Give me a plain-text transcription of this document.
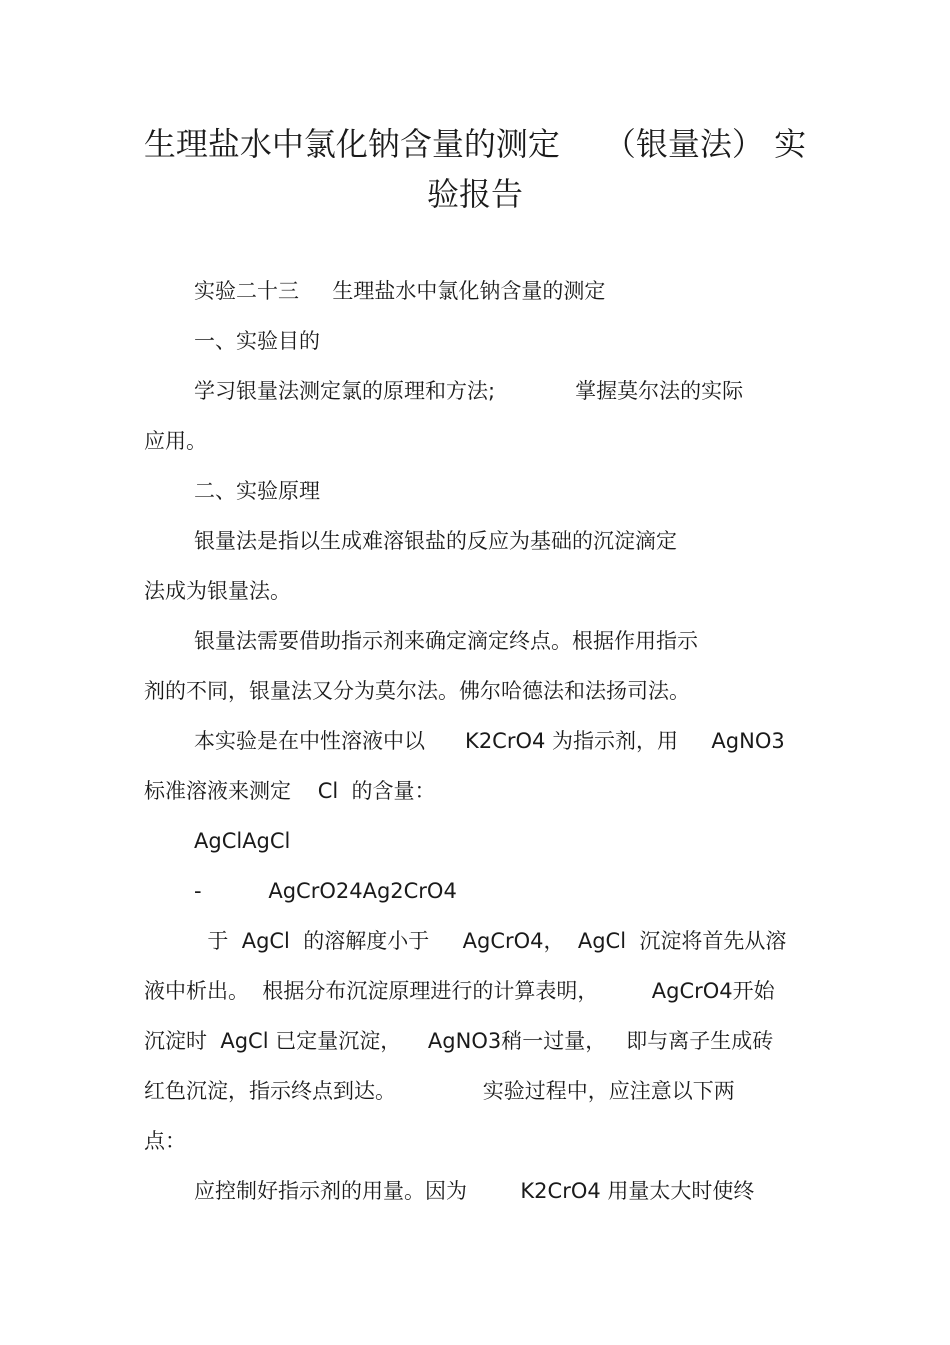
生理盐水中氯化钠含量的测定 （银量法） 实
验报告
实验二十三     生理盐水中氯化钠含量的测定
一、实验目的
学习银量法测定氯的原理和方法;            掌握莫尔法的实际
应用。
二、实验原理
银量法是指以生成难溶银盐的反应为基础的沉淀滴定
法成为银量法。
银量法需要借助指示剂来确定滴定终点。根据作用指示
剂的不同，银量法又分为莫尔法。佛尔哈德法和法扬司法。
本实验是在中性溶液中以      K2CrO4 为指示剂，用     AgNO3
标准溶液来测定    Cl  的含量：
AgClAgCl
-          AgCrO24Ag2CrO4
于  AgCl  的溶解度小于     AgCrO4，  AgCl  沉淀将首先从溶
液中析出。  根据分布沉淀原理进行的计算表明，        AgCrO4开始
沉淀时  AgCl 已定量沉淀，    AgNO3稍一过量，   即与离子生成砖
红色沉淀，指示终点到达。             实验过程中，应注意以下两
点：
应控制好指示剂的用量。因为        K2CrO4 用量太大时使终
